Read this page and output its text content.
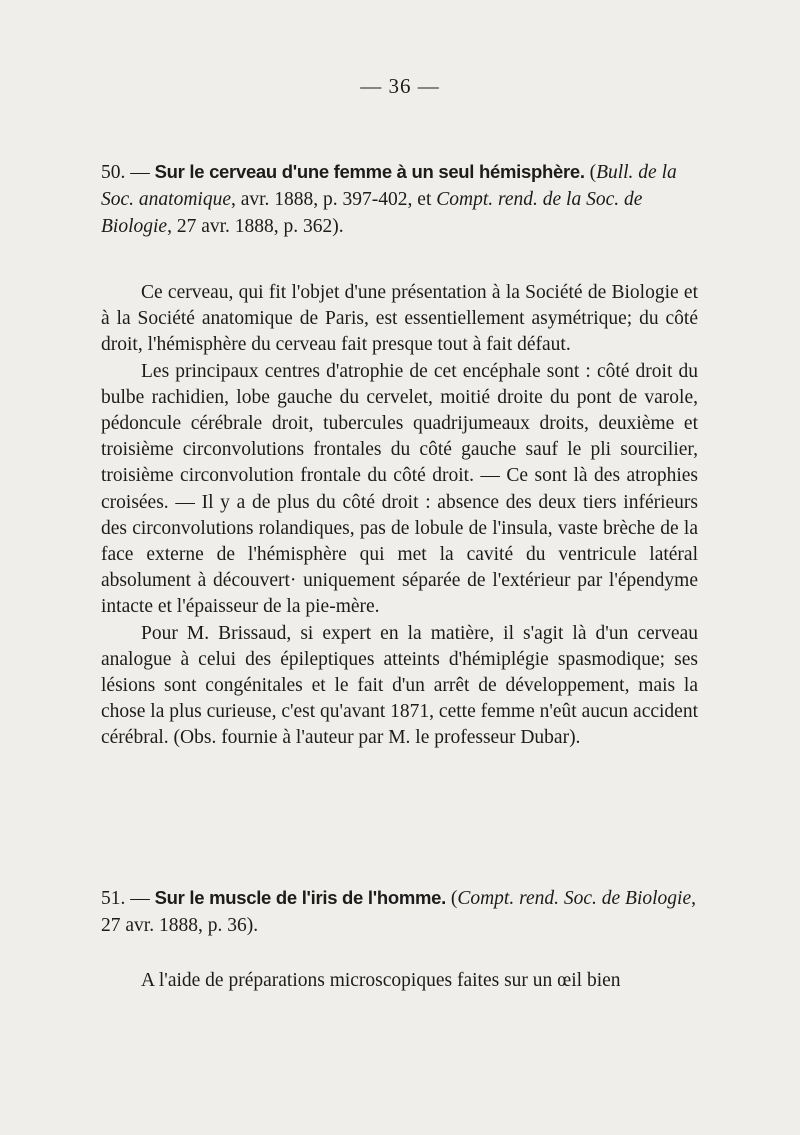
— 36 —
50. — Sur le cerveau d'une femme à un seul hémisphère. (Bull. de la Soc. anatomique, avr. 1888, p. 397-402, et Compt. rend. de la Soc. de Biologie, 27 avr. 1888, p. 362).

Ce cerveau, qui fit l'objet d'une présentation à la Société de Biologie et à la Société anatomique de Paris, est essentiellement asymétrique; du côté droit, l'hémisphère du cerveau fait presque tout à fait défaut.

Les principaux centres d'atrophie de cet encéphale sont : côté droit du bulbe rachidien, lobe gauche du cervelet, moitié droite du pont de varole, pédoncule cérébrale droit, tubercules quadrijumeaux droits, deuxième et troisième circonvolutions frontales du côté gauche sauf le pli sourcilier, troisième circonvolution frontale du côté droit. — Ce sont là des atrophies croisées. — Il y a de plus du côté droit : absence des deux tiers inférieurs des circonvolutions rolandiques, pas de lobule de l'insula, vaste brèche de la face externe de l'hémisphère qui met la cavité du ventricule latéral absolument à découvert· uniquement séparée de l'extérieur par l'épendyme intacte et l'épaisseur de la pie-mère.

Pour M. Brissaud, si expert en la matière, il s'agit là d'un cerveau analogue à celui des épileptiques atteints d'hémiplégie spasmodique; ses lésions sont congénitales et le fait d'un arrêt de développement, mais la chose la plus curieuse, c'est qu'avant 1871, cette femme n'eût aucun accident cérébral. (Obs. fournie à l'auteur par M. le professeur Dubar).

51. — Sur le muscle de l'iris de l'homme. (Compt. rend. Soc. de Biologie, 27 avr. 1888, p. 36).

A l'aide de préparations microscopiques faites sur un œil bien
